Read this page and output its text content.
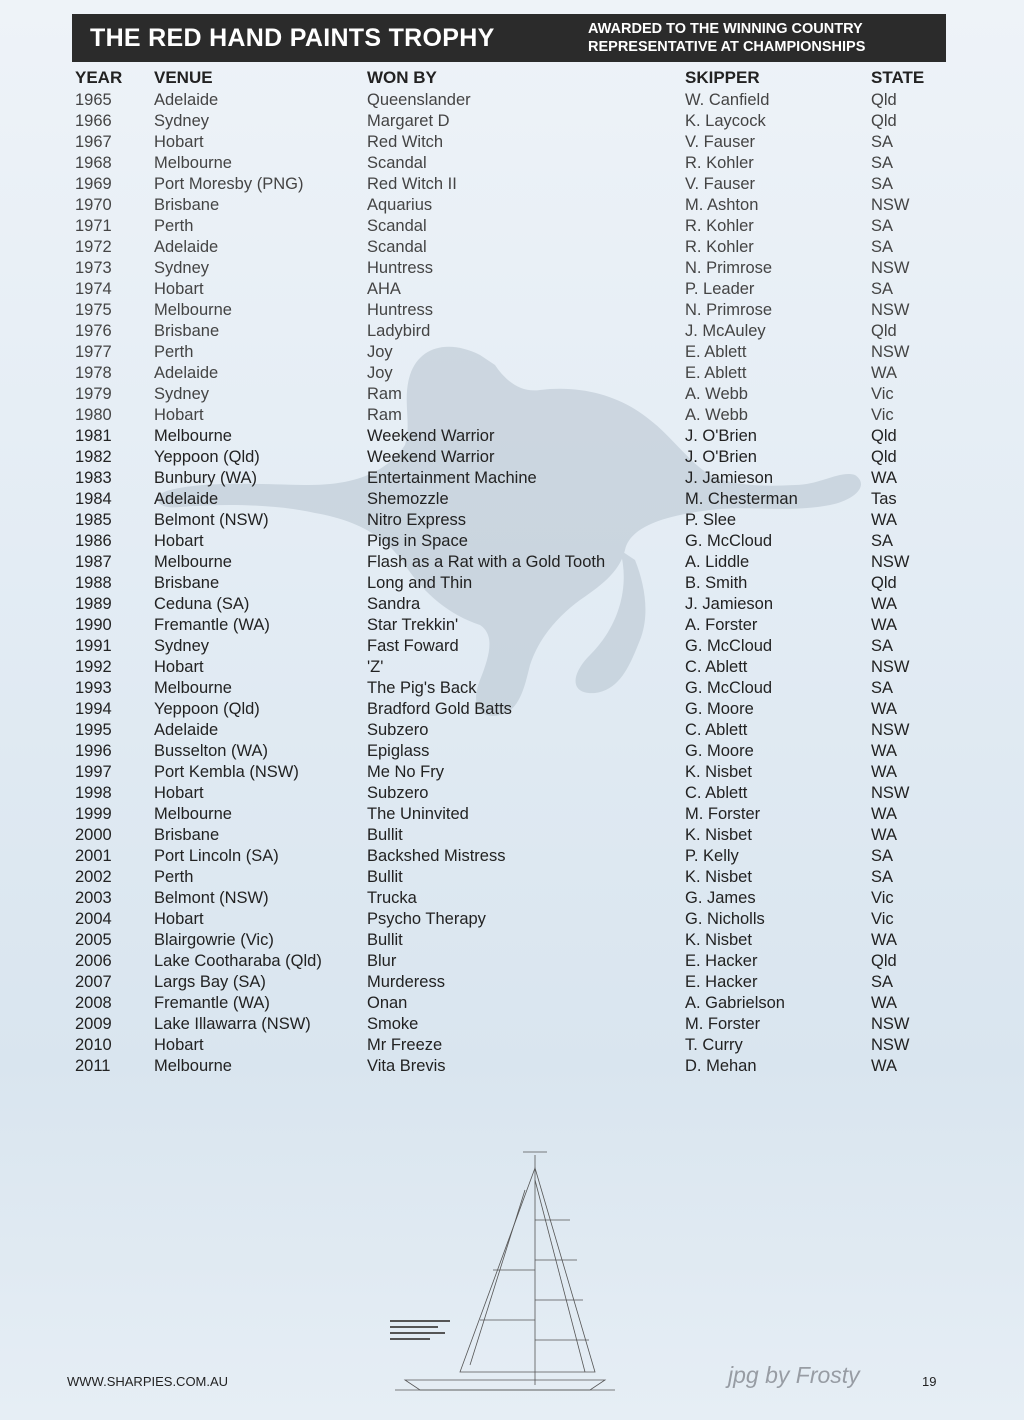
THE RED HAND PAINTS TROPHY	AWARDED TO THE WINNING COUNTRY
REPRESENTATIVE AT CHAMPIONSHIPS
YEAR VENUE	WON BY	SKIPPER	STATE
1965	Adelaide	Queenslander	W. Canfield	Qld
1966	Sydney	Margaret D	K. Laycock	Qld
1967	Hobart	Red Witch	V. Fauser	SA
1968	Melbourne	Scandal	R. Kohler	SA
1969	Port Moresby (PNG)	Red Witch II	V. Fauser	SA
1970	Brisbane	Aquarius	M. Ashton	NSW
1971	Perth	Scandal	R. Kohler	SA
1972	Adelaide	Scandal	R. Kohler	SA
1973	Sydney	Huntress	N. Primrose	NSW
1974	Hobart	AHA	P. Leader	SA
1975	Melbourne	Huntress	N. Primrose	NSW
1976	Brisbane	Ladybird	J. McAuley	Qld
1977	Perth	Joy	E. Ablett	NSW
1978	Adelaide	Joy	E. Ablett	WA
1979	Sydney	Ram	A. Webb	Vic
1980	Hobart	Ram	A. Webb	Vic
1981	Melbourne	Weekend Warrior	J. O'Brien	Qld
1982	Yeppoon (Qld)	Weekend Warrior	J. O'Brien	Qld
1983	Bunbury (WA)	Entertainment Machine	J. Jamieson	WA
1984	Adelaide	Shemozzle	M. Chesterman	Tas
1985	Belmont (NSW)	Nitro Express	P. Slee	WA
1986	Hobart	Pigs in Space	G. McCloud	SA
1987	Melbourne	Flash as a Rat with a Gold Tooth	A. Liddle	NSW
1988	Brisbane	Long and Thin	B. Smith	Qld
1989	Ceduna (SA)	Sandra	J. Jamieson	WA
1990	Fremantle (WA)	Star Trekkin'	A. Forster	WA
1991	Sydney	Fast Foward	G. McCloud	SA
1992	Hobart	'Z'	C. Ablett	NSW
1993	Melbourne	The Pig's Back	G. McCloud	SA
1994	Yeppoon (Qld)	Bradford Gold Batts	G. Moore	WA
1995	Adelaide	Subzero	C. Ablett	NSW
1996	Busselton (WA)	Epiglass	G. Moore	WA
1997	Port Kembla (NSW)	Me No Fry	K. Nisbet	WA
1998	Hobart	Subzero	C. Ablett	NSW
1999	Melbourne	The Uninvited	M. Forster	WA
2000	Brisbane	Bullit	K. Nisbet	WA
2001	Port Lincoln (SA)	Backshed Mistress	P. Kelly	SA
2002	Perth	Bullit	K. Nisbet	SA
2003	Belmont (NSW)	Trucka	G. James	Vic
2004	Hobart	Psycho Therapy	G. Nicholls	Vic
2005	Blairgowrie (Vic)	Bullit	K. Nisbet	WA
2006	Lake Cootharaba (Qld)	Blur	E. Hacker	Qld
2007	Largs Bay (SA)	Murderess	E. Hacker	SA
2008	Fremantle (WA)	Onan	A. Gabrielson	WA
2009	Lake Illawarra (NSW)	Smoke	M. Forster	NSW
2010	Hobart	Mr Freeze	T. Curry	NSW
2011	Melbourne	Vita Brevis	D. Mehan	WA
WWW.SHARPIES.COM.AU	jpg by Frosty	19
